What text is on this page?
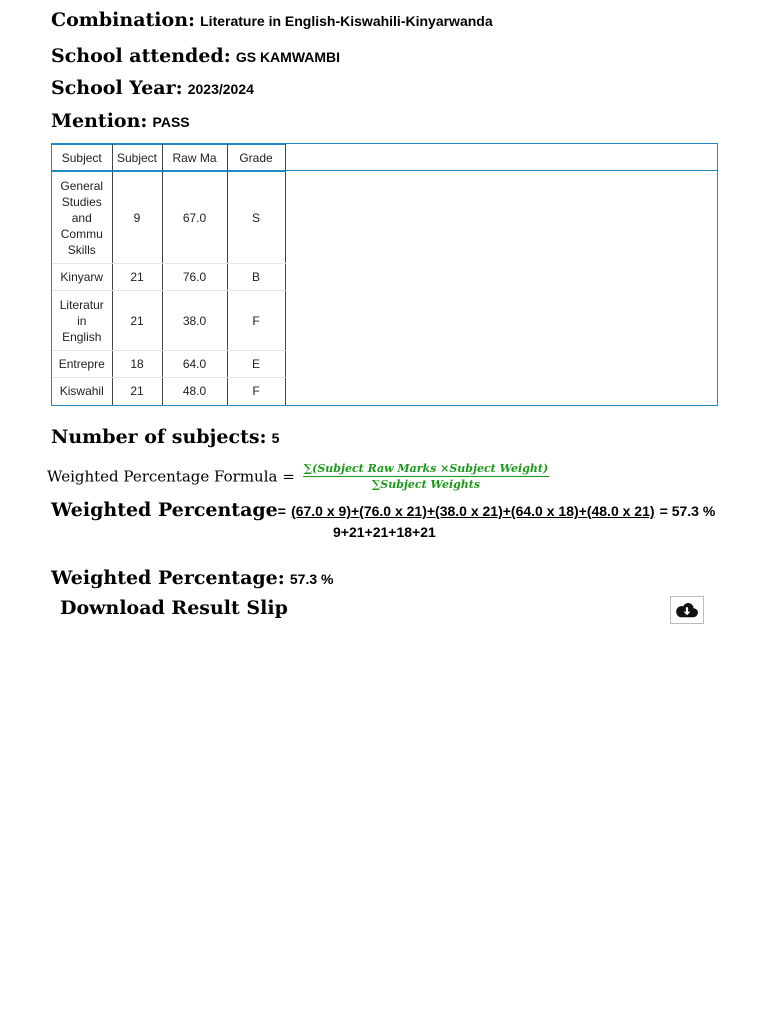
Combination: Literature in English-Kiswahili-Kinyarwanda
School attended: GS KAMWAMBI
School Year: 2023/2024
Mention: PASS
Subject	Subject	Raw Ma	Grade

General Studies and Commu Skills	9	67.0	S

Kinyarw	21	76.0	B

Literatur in English	21	38.0	F

Entrepre	18	64.0	E

Kiswahil	21	48.0	F
Number of subjects: 5
Weighted Percentage Formula = $\frac{\text{∑(Subject Raw Marks ×Subject Weight)}}{\text{∑Subject Weights}}$
Weighted Percentage= (67.0 x 9)+(76.0 x 21)+(38.0 x 21)+(64.0 x 18)+(48.0 x 21) = 57.3 %
9+21+21+18+21
Weighted Percentage: 57.3 %
Download Result Slip
